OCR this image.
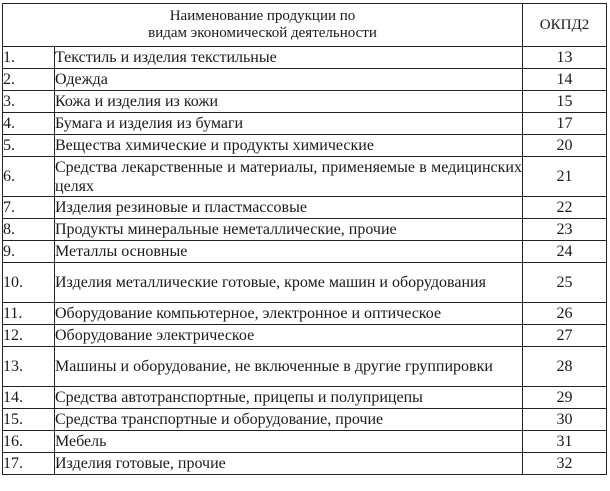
Наименование продукции по
видам экономической деятельности		ОКПД2
1.	Текстиль и изделия текстильные	13
2.	Одежда	14
3.	Кожа и изделия из кожи	15
4.	Бумага и изделия из бумаги	17
5.	Вещества химические и продукты химические	20
6.	Средства лекарственные и материалы, применяемые в медицинских целях	21
7.	Изделия резиновые и пластмассовые	22
8.	Продукты минеральные неметаллические, прочие	23
9.	Металлы основные	24
10.	Изделия металлические готовые, кроме машин и оборудования	25
11.	Оборудование компьютерное, электронное и оптическое	26
12.	Оборудование электрическое	27
13.	Машины и оборудование, не включенные в другие группировки	28
14.	Средства автотранспортные, прицепы и полуприцепы	29
15.	Средства транспортные и оборудование, прочие	30
16.	Мебель	31
17.	Изделия готовые, прочие	32
